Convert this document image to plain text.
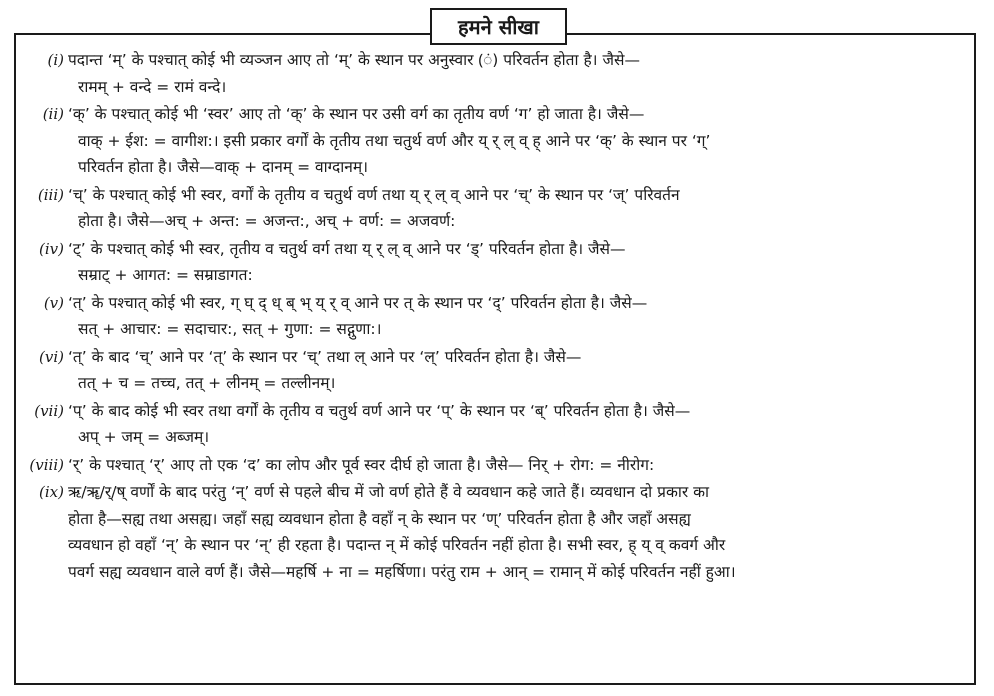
हमने सीखा
(i) पदान्त ‘म्’ के पश्चात् कोई भी व्यञ्जन आए तो ‘म्’ के स्थान पर अनुस्वार (ं) परिवर्तन होता है। जैसे—
रामम् + वन्दे = रामं वन्दे।
(ii) ‘क्’ के पश्चात् कोई भी ‘स्वर’ आए तो ‘क्’ के स्थान पर उसी वर्ग का तृतीय वर्ण ‘ग’ हो जाता है। जैसे—
वाक् + ईश: = वागीश:। इसी प्रकार वर्गों के तृतीय तथा चतुर्थ वर्ण और य् र् ल् व् ह् आने पर ‘क्’ के स्थान पर ‘ग्’
परिवर्तन होता है। जैसे—वाक् + दानम् = वाग्दानम्।
(iii) ‘च्’ के पश्चात् कोई भी स्वर, वर्गों के तृतीय व चतुर्थ वर्ण तथा य् र् ल् व् आने पर ‘च्’ के स्थान पर ‘ज्’ परिवर्तन
होता है। जैसे—अच् + अन्त: = अजन्त:, अच् + वर्ण: = अजवर्ण:
(iv) ‘ट्’ के पश्चात् कोई भी स्वर, तृतीय व चतुर्थ वर्ग तथा य् र् ल् व् आने पर ‘ड्’ परिवर्तन होता है। जैसे—
सम्राट् + आगत: = सम्राडागत:
(v) ‘त्’ के पश्चात् कोई भी स्वर, ग् घ् द् ध् ब् भ् य् र् व् आने पर त् के स्थान पर ‘द्’ परिवर्तन होता है। जैसे—
सत् + आचार: = सदाचार:, सत् + गुणा: = सद्गुणा:।
(vi) ‘त्’ के बाद ‘च्’ आने पर ‘त्’ के स्थान पर ‘च्’ तथा ल् आने पर ‘ल्’ परिवर्तन होता है। जैसे—
तत् + च = तच्च, तत् + लीनम् = तल्लीनम्।
(vii) ‘प्’ के बाद कोई भी स्वर तथा वर्गों के तृतीय व चतुर्थ वर्ण आने पर ‘प्’ के स्थान पर ‘ब्’ परिवर्तन होता है। जैसे—
अप् + जम् = अब्जम्।
(viii) ‘र्’ के पश्चात् ‘र्’ आए तो एक ‘द’ का लोप और पूर्व स्वर दीर्घ हो जाता है। जैसे— निर् + रोग: = नीरोग:
(ix) ऋ/ॠ/र्/ष् वर्णों के बाद परंतु ‘न्’ वर्ण से पहले बीच में जो वर्ण होते हैं वे व्यवधान कहे जाते हैं। व्यवधान दो प्रकार का
होता है—सह्य तथा असह्य। जहाँ सह्य व्यवधान होता है वहाँ न् के स्थान पर ‘ण्’ परिवर्तन होता है और जहाँ असह्य
व्यवधान हो वहाँ ‘न्’ के स्थान पर ‘न्’ ही रहता है। पदान्त न् में कोई परिवर्तन नहीं होता है। सभी स्वर, ह् य् व् कवर्ग और
पवर्ग सह्य व्यवधान वाले वर्ण हैं। जैसे—महर्षि + ना = महर्षिणा। परंतु राम + आन् = रामान् में कोई परिवर्तन नहीं हुआ।
